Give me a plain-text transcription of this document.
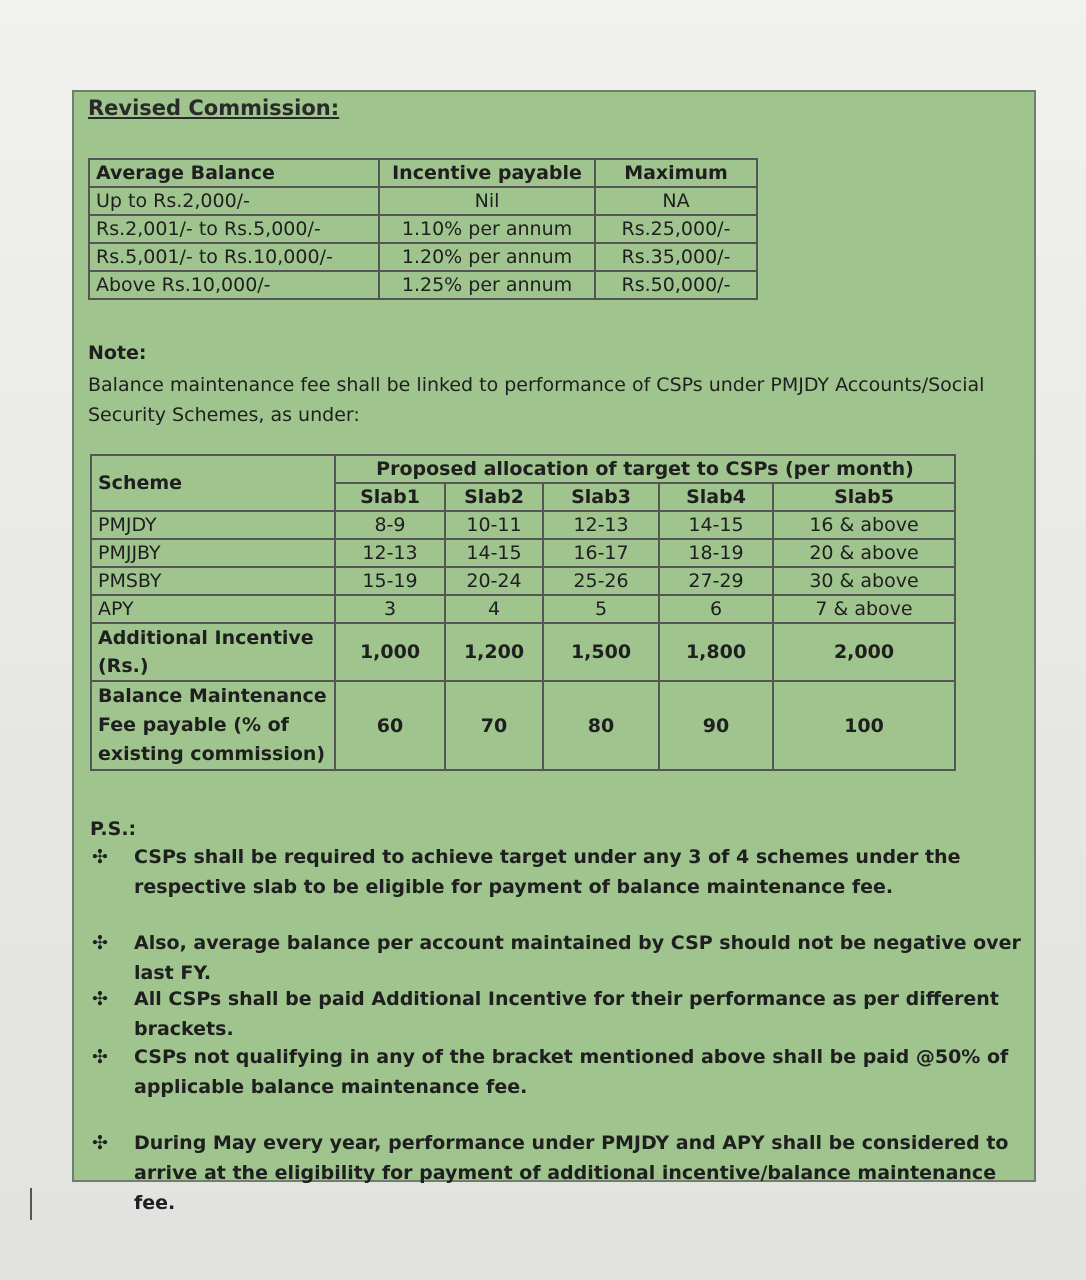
Revised Commission:
Average Balance	Incentive payable	Maximum
Up to Rs.2,000/-	Nil	NA
Rs.2,001/- to Rs.5,000/-	1.10% per annum	Rs.25,000/-
Rs.5,001/- to Rs.10,000/-	1.20% per annum	Rs.35,000/-
Above Rs.10,000/-	1.25% per annum	Rs.50,000/-
Note:
Balance maintenance fee shall be linked to performance of CSPs under PMJDY Accounts/Social Security Schemes, as under:
Scheme	Proposed allocation of target to CSPs (per month)				
	Slab1	Slab2	Slab3	Slab4	Slab5
PMJDY	8-9	10-11	12-13	14-15	16 & above
PMJJBY	12-13	14-15	16-17	18-19	20 & above
PMSBY	15-19	20-24	25-26	27-29	30 & above
APY	3	4	5	6	7 & above
Additional Incentive (Rs.)	1,000	1,200	1,500	1,800	2,000
Balance Maintenance Fee payable (% of existing commission)	60	70	80	90	100
P.S.:
✣ CSPs shall be required to achieve target under any 3 of 4 schemes under the respective slab to be eligible for payment of balance maintenance fee.
✣ Also, average balance per account maintained by CSP should not be negative over last FY.
✣ All CSPs shall be paid Additional Incentive for their performance as per different brackets.
✣ CSPs not qualifying in any of the bracket mentioned above shall be paid @50% of applicable balance maintenance fee.
✣ During May every year, performance under PMJDY and APY shall be considered to arrive at the eligibility for payment of additional incentive/balance maintenance fee.
